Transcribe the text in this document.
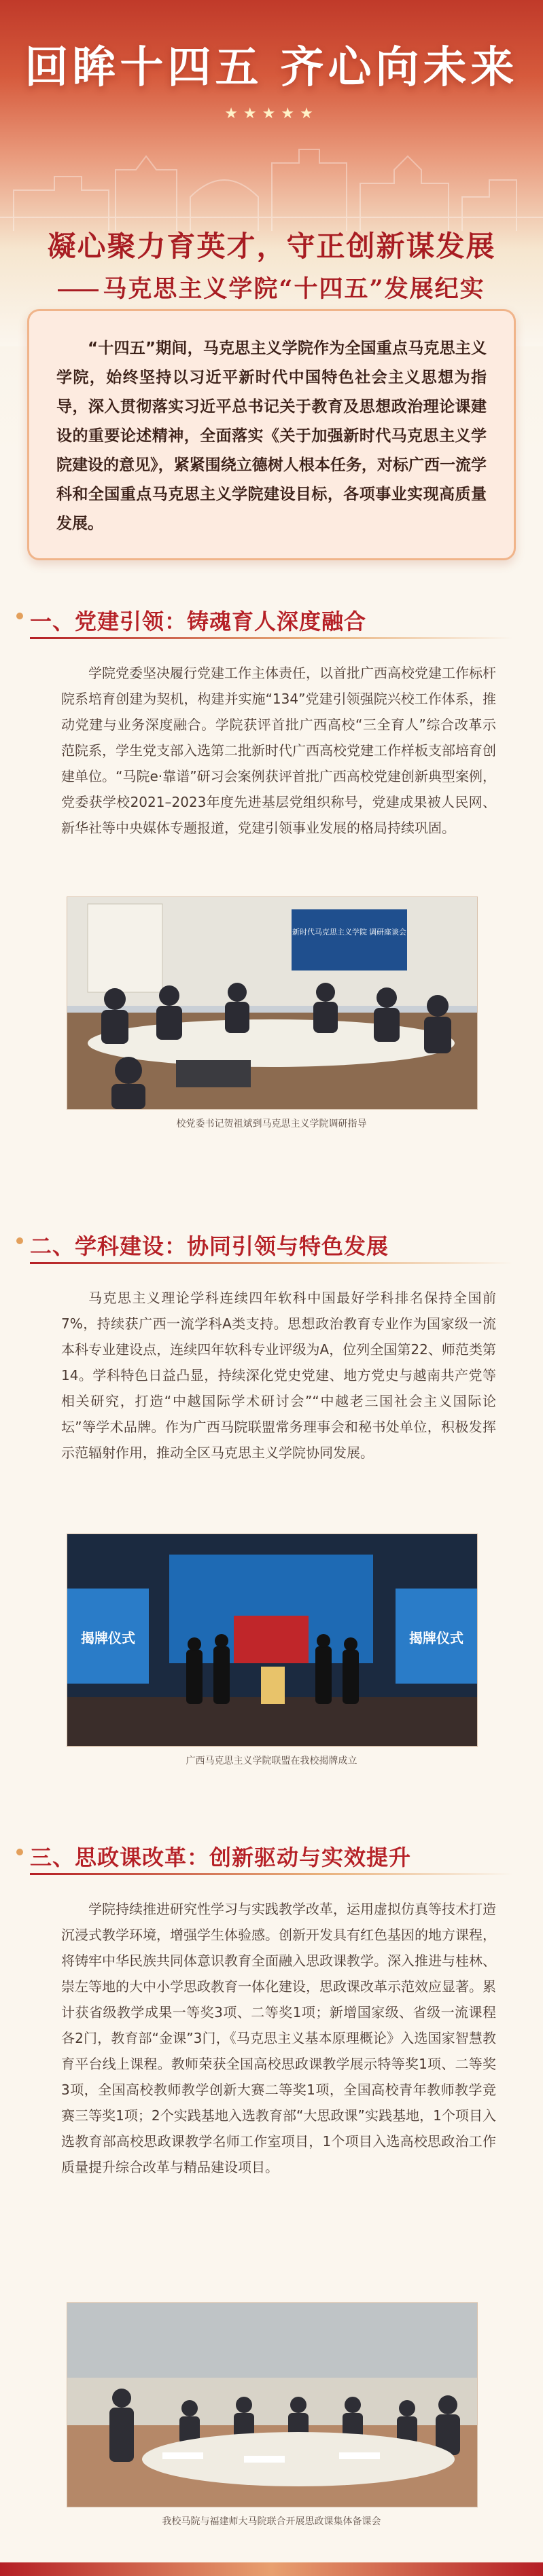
回眸十四五 齐心向未来
★★★★★
凝心聚力育英才，守正创新谋发展
马克思主义学院“十四五”发展纪实

“十四五”期间，马克思主义学院作为全国重点马克思主义学院，始终坚持以习近平新时代中国特色社会主义思想为指导，深入贯彻落实习近平总书记关于教育及思想政治理论课建设的重要论述精神，全面落实《关于加强新时代马克思主义学院建设的意见》，紧紧围绕立德树人根本任务，对标广西一流学科和全国重点马克思主义学院建设目标，各项事业实现高质量发展。

一、党建引领：铸魂育人深度融合
学院党委坚决履行党建工作主体责任，以首批广西高校党建工作标杆院系培育创建为契机，构建并实施“134”党建引领强院兴校工作体系，推动党建与业务深度融合。学院获评首批广西高校“三全育人”综合改革示范院系，学生党支部入选第二批新时代广西高校党建工作样板支部培育创建单位。“马院e·靠谱”研习会案例获评首批广西高校党建创新典型案例，党委获学校2021–2023年度先进基层党组织称号，党建成果被人民网、新华社等中央媒体专题报道，党建引领事业发展的格局持续巩固。
新时代马克思主义学院 调研座谈会
校党委书记贺祖斌到马克思主义学院调研指导
二、学科建设：协同引领与特色发展
马克思主义理论学科连续四年软科中国最好学科排名保持全国前7%，持续获广西一流学科A类支持。思想政治教育专业作为国家级一流本科专业建设点，连续四年软科专业评级为A，位列全国第22、师范类第14。学科特色日益凸显，持续深化党史党建、地方党史与越南共产党等相关研究，打造“中越国际学术研讨会”“中越老三国社会主义国际论坛”等学术品牌。作为广西马院联盟常务理事会和秘书处单位，积极发挥示范辐射作用，推动全区马克思主义学院协同发展。
揭牌仪式	揭牌仪式
广西马克思主义学院联盟在我校揭牌成立
三、思政课改革：创新驱动与实效提升
学院持续推进研究性学习与实践教学改革，运用虚拟仿真等技术打造沉浸式教学环境，增强学生体验感。创新开发具有红色基因的地方课程，将铸牢中华民族共同体意识教育全面融入思政课教学。深入推进与桂林、崇左等地的大中小学思政教育一体化建设，思政课改革示范效应显著。累计获省级教学成果一等奖3项、二等奖1项；新增国家级、省级一流课程各2门，教育部“金课”3门，《马克思主义基本原理概论》入选国家智慧教育平台线上课程。教师荣获全国高校思政课教学展示特等奖1项、二等奖3项，全国高校教师教学创新大赛二等奖1项，全国高校青年教师教学竞赛三等奖1项；2个实践基地入选教育部“大思政课”实践基地，1个项目入选教育部高校思政课教学名师工作室项目，1个项目入选高校思政治工作质量提升综合改革与精品建设项目。
我校马院与福建师大马院联合开展思政课集体备课会
